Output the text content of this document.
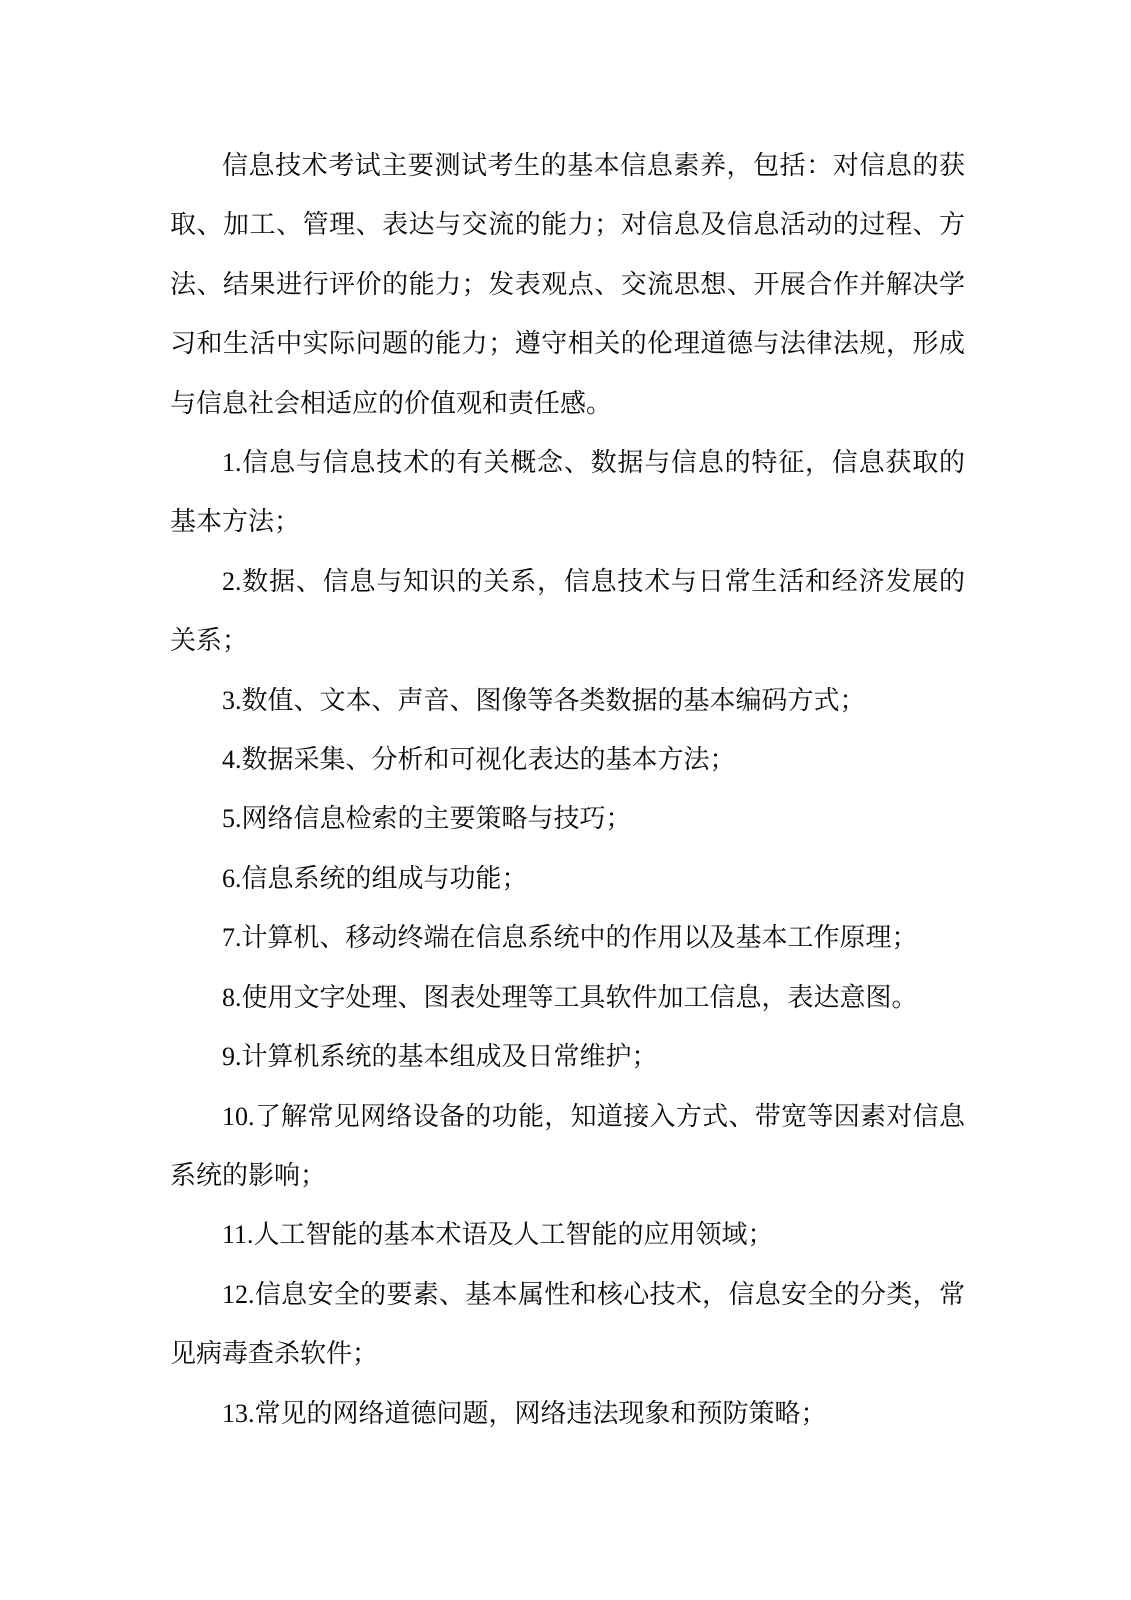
信息技术考试主要测试考生的基本信息素养，包括：对信息的获取、加工、管理、表达与交流的能力；对信息及信息活动的过程、方法、结果进行评价的能力；发表观点、交流思想、开展合作并解决学习和生活中实际问题的能力；遵守相关的伦理道德与法律法规，形成与信息社会相适应的价值观和责任感。

1.信息与信息技术的有关概念、数据与信息的特征，信息获取的基本方法；

2.数据、信息与知识的关系，信息技术与日常生活和经济发展的关系；

3.数值、文本、声音、图像等各类数据的基本编码方式；

4.数据采集、分析和可视化表达的基本方法；

5.网络信息检索的主要策略与技巧；

6.信息系统的组成与功能；

7.计算机、移动终端在信息系统中的作用以及基本工作原理；

8.使用文字处理、图表处理等工具软件加工信息，表达意图。

9.计算机系统的基本组成及日常维护；

10.了解常见网络设备的功能，知道接入方式、带宽等因素对信息系统的影响；

11.人工智能的基本术语及人工智能的应用领域；

12.信息安全的要素、基本属性和核心技术，信息安全的分类，常见病毒查杀软件；

13.常见的网络道德问题，网络违法现象和预防策略；
